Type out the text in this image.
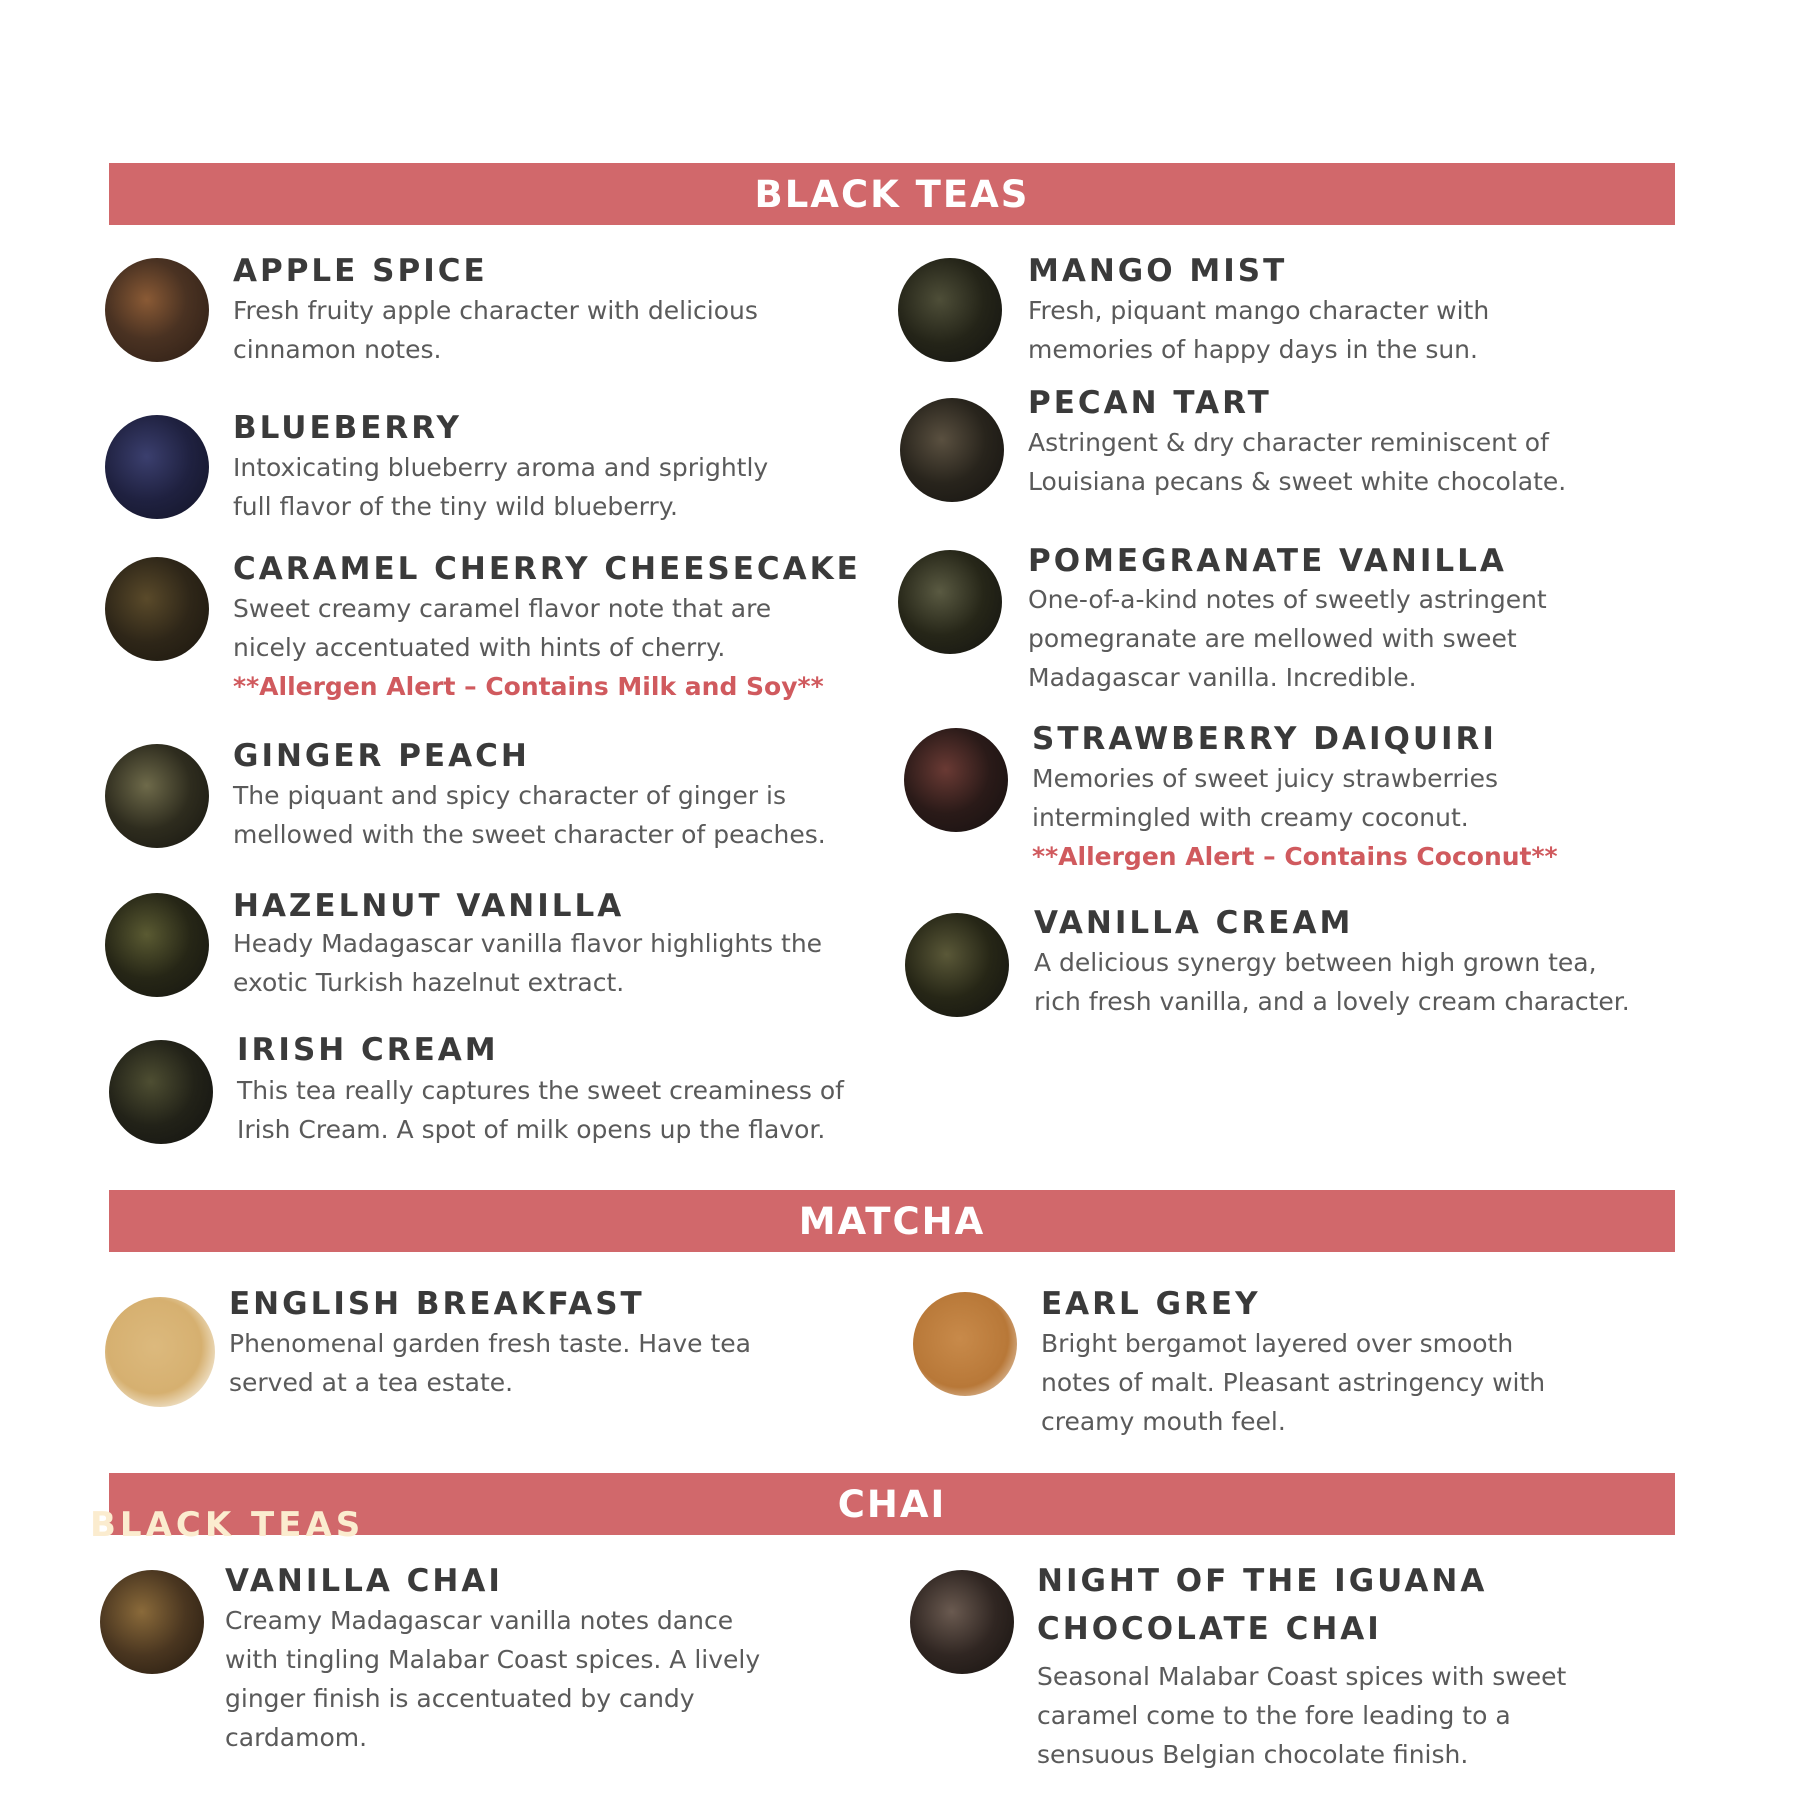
BLACK TEAS
MATCHA
CHAI
BLACK TEAS
APPLE SPICE

Fresh fruity apple character with delicious

cinnamon notes.

BLUEBERRY

Intoxicating blueberry aroma and sprightly

full flavor of the tiny wild blueberry.

CARAMEL CHERRY CHEESECAKE

Sweet creamy caramel flavor note that are

nicely accentuated with hints of cherry.

**Allergen Alert – Contains Milk and Soy**
GINGER PEACH

The piquant and spicy character of ginger is

mellowed with the sweet character of peaches.

HAZELNUT VANILLA

Heady Madagascar vanilla flavor highlights the

exotic Turkish hazelnut extract.

IRISH CREAM

This tea really captures the sweet creaminess of

Irish Cream. A spot of milk opens up the flavor.

MANGO MIST

Fresh, piquant mango character with

memories of happy days in the sun.

PECAN TART

Astringent & dry character reminiscent of

Louisiana pecans & sweet white chocolate.

POMEGRANATE VANILLA

One-of-a-kind notes of sweetly astringent

pomegranate are mellowed with sweet

Madagascar vanilla. Incredible.

STRAWBERRY DAIQUIRI

Memories of sweet juicy strawberries

intermingled with creamy coconut.

**Allergen Alert – Contains Coconut**
VANILLA CREAM

A delicious synergy between high grown tea,

rich fresh vanilla, and a lovely cream character.

ENGLISH BREAKFAST

Phenomenal garden fresh taste. Have tea

served at a tea estate.

EARL GREY

Bright bergamot layered over smooth

notes of malt. Pleasant astringency with

creamy mouth feel.

VANILLA CHAI

Creamy Madagascar vanilla notes dance

with tingling Malabar Coast spices. A lively

ginger finish is accentuated by candy

cardamom.

NIGHT OF THE IGUANA
CHOCOLATE CHAI

Seasonal Malabar Coast spices with sweet

caramel come to the fore leading to a

sensuous Belgian chocolate finish.
